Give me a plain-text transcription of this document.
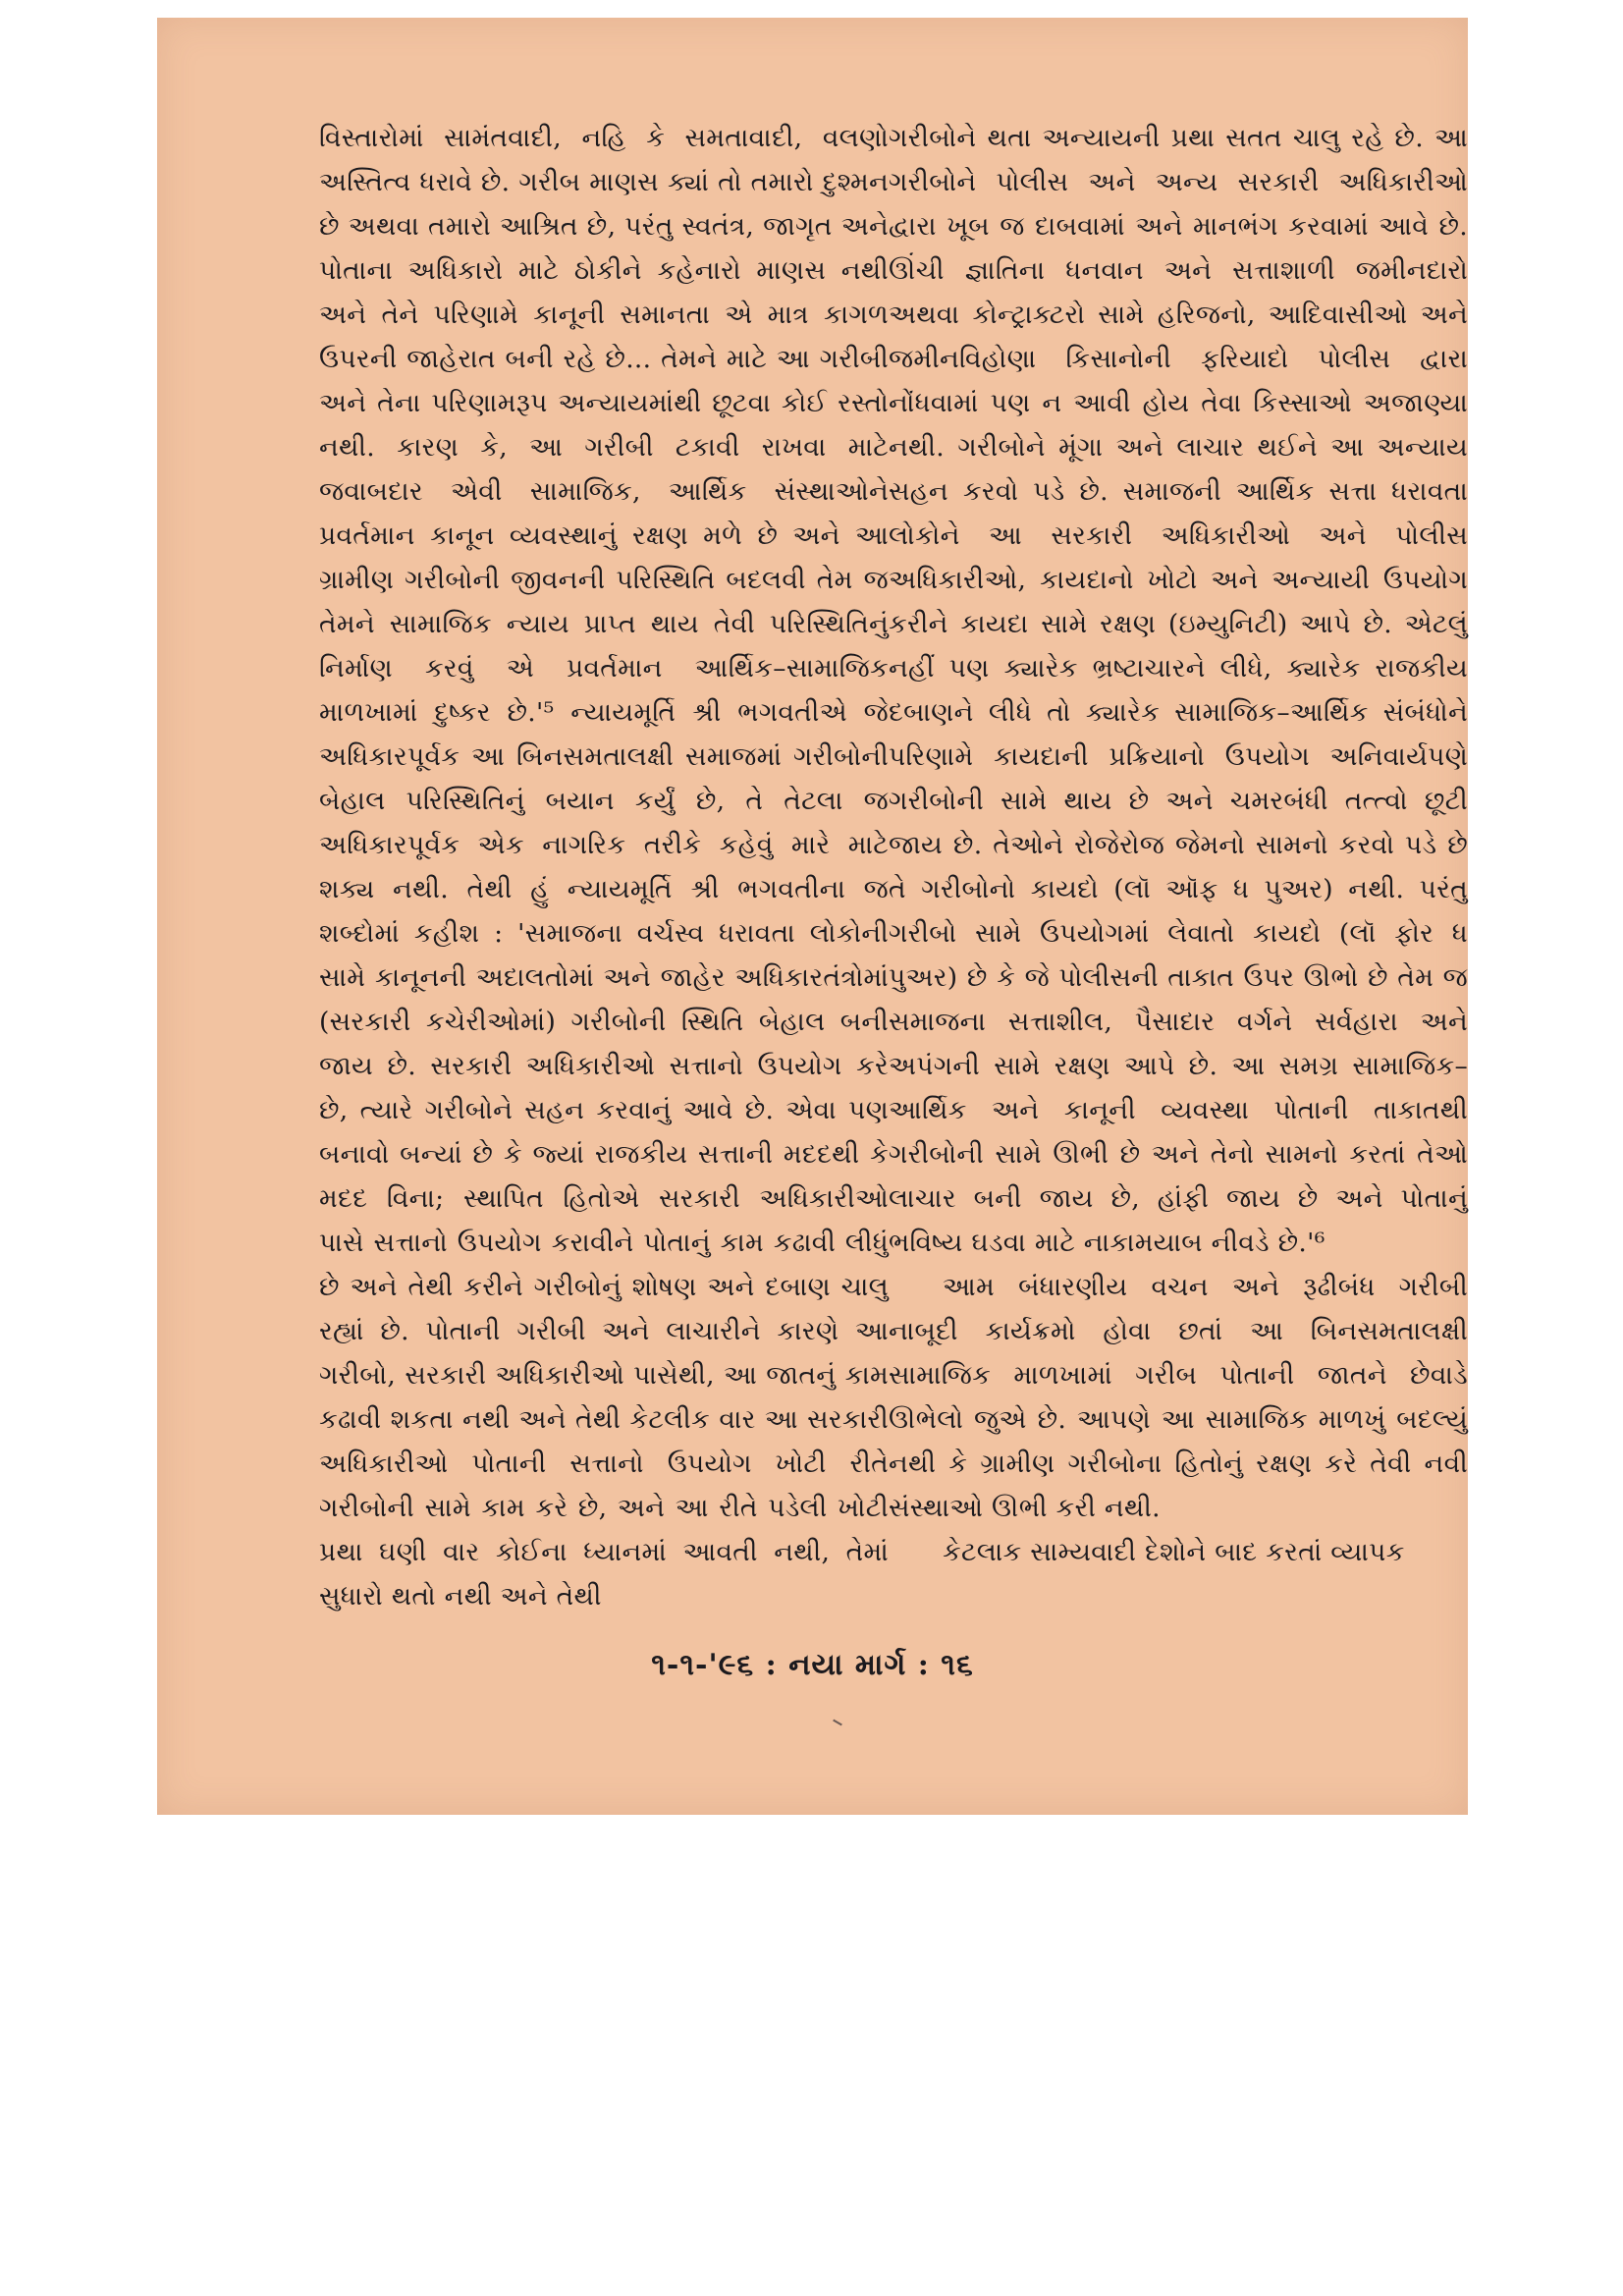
વિસ્તારોમાં સામંતવાદી, નહિ કે સમતાવાદી, વલણો અસ્તિત્વ ધરાવે છે. ગરીબ માણસ ક્યાં તો તમારો દુશ્મન છે અથવા તમારો આશ્રિત છે, પરંતુ સ્વતંત્ર, જાગૃત અને પોતાના અધિકારો માટે ઠોકીને કહેનારો માણસ નથી અને તેને પરિણામે કાનૂની સમાનતા એ માત્ર કાગળ ઉપરની જાહેરાત બની રહે છે... તેમને માટે આ ગરીબી અને તેના પરિણામરૂપ અન્યાયમાંથી છૂટવા કોઈ રસ્તો નથી. કારણ કે, આ ગરીબી ટકાવી રાખવા માટે જવાબદાર એવી સામાજિક, આર્થિક સંસ્થાઓને પ્રવર્તમાન કાનૂન વ્યવસ્થાનું રક્ષણ મળે છે અને આ ગ્રામીણ ગરીબોની જીવનની પરિસ્થિતિ બદલવી તેમ જ તેમને સામાજિક ન્યાય પ્રાપ્ત થાય તેવી પરિસ્થિતિનું નિર્માણ કરવું એ પ્રવર્તમાન આર્થિક–સામાજિક માળખામાં દુષ્કર છે.'⁵ ન્યાયમૂર્તિ શ્રી ભગવતીએ જે અધિકારપૂર્વક આ બિનસમતાલક્ષી સમાજમાં ગરીબોની બેહાલ પરિસ્થિતિનું બયાન કર્યું છે, તે તેટલા જ અધિકારપૂર્વક એક નાગરિક તરીકે કહેવું મારે માટે શક્ય નથી. તેથી હું ન્યાયમૂર્તિ શ્રી ભગવતીના જ શબ્દોમાં કહીશ : 'સમાજના વર્ચસ્વ ધરાવતા લોકોની સામે કાનૂનની અદાલતોમાં અને જાહેર અધિકારતંત્રોમાં (સરકારી કચેરીઓમાં) ગરીબોની સ્થિતિ બેહાલ બની જાય છે. સરકારી અધિકારીઓ સત્તાનો ઉપયોગ કરે છે, ત્યારે ગરીબોને સહન કરવાનું આવે છે. એવા પણ બનાવો બન્યાં છે કે જ્યાં રાજકીય સત્તાની મદદથી કે મદદ વિના; સ્થાપિત હિતોએ સરકારી અધિકારીઓ પાસે સત્તાનો ઉપયોગ કરાવીને પોતાનું કામ કઢાવી લીધું છે અને તેથી કરીને ગરીબોનું શોષણ અને દબાણ ચાલુ રહ્યાં છે. પોતાની ગરીબી અને લાચારીને કારણે આ ગરીબો, સરકારી અધિકારીઓ પાસેથી, આ જાતનું કામ કઢાવી શકતા નથી અને તેથી કેટલીક વાર આ સરકારી અધિકારીઓ પોતાની સત્તાનો ઉપયોગ ખોટી રીતે ગરીબોની સામે કામ કરે છે, અને આ રીતે પડેલી ખોટી પ્રથા ઘણી વાર કોઈના ધ્યાનમાં આવતી નથી, તેમાં સુધારો થતો નથી અને તેથી

ગરીબોને થતા અન્યાયની પ્રથા સતત ચાલુ રહે છે. આ ગરીબોને પોલીસ અને અન્ય સરકારી અધિકારીઓ દ્વારા ખૂબ જ દાબવામાં અને માનભંગ કરવામાં આવે છે. ઊંચી જ્ઞાતિના ધનવાન અને સત્તાશાળી જમીનદારો અથવા કોન્ટ્રાક્ટરો સામે હરિજનો, આદિવાસીઓ અને જમીનવિહોણા કિસાનોની ફરિયાદો પોલીસ દ્વારા નોંધવામાં પણ ન આવી હોય તેવા કિસ્સાઓ અજાણ્યા નથી. ગરીબોને મૂંગા અને લાચાર થઈને આ અન્યાય સહન કરવો પડે છે. સમાજની આર્થિક સત્તા ધરાવતા લોકોને આ સરકારી અધિકારીઓ અને પોલીસ અધિકારીઓ, કાયદાનો ખોટો અને અન્યાયી ઉપયોગ કરીને કાયદા સામે રક્ષણ (ઇમ્યુનિટી) આપે છે. એટલું નહીં પણ ક્યારેક ભ્રષ્ટાચારને લીધે, ક્યારેક રાજકીય દબાણને લીધે તો ક્યારેક સામાજિક–આર્થિક સંબંધોને પરિણામે કાયદાની પ્રક્રિયાનો ઉપયોગ અનિવાર્યપણે ગરીબોની સામે થાય છે અને ચમરબંધી તત્ત્વો છૂટી જાય છે. તેઓને રોજેરોજ જેમનો સામનો કરવો પડે છે તે ગરીબોનો કાયદો (લૉ ઑફ ધ પુઅર) નથી. પરંતુ ગરીબો સામે ઉપયોગમાં લેવાતો કાયદો (લૉ ફોર ધ પુઅર) છે કે જે પોલીસની તાકાત ઉપર ઊભો છે તેમ જ સમાજના સત્તાશીલ, પૈસાદાર વર્ગને સર્વહારા અને અપંગની સામે રક્ષણ આપે છે. આ સમગ્ર સામાજિક–આર્થિક અને કાનૂની વ્યવસ્થા પોતાની તાકાતથી ગરીબોની સામે ઊભી છે અને તેનો સામનો કરતાં તેઓ લાચાર બની જાય છે, હાંફી જાય છે અને પોતાનું ભવિષ્ય ઘડવા માટે નાકામયાબ નીવડે છે.'⁶

આમ બંધારણીય વચન અને રૂઢીબંધ ગરીબી નાબૂદી કાર્યક્રમો હોવા છતાં આ બિનસમતાલક્ષી સામાજિક માળખામાં ગરીબ પોતાની જાતને છેવાડે ઊભેલો જુએ છે. આપણે આ સામાજિક માળખું બદલ્યું નથી કે ગ્રામીણ ગરીબોના હિતોનું રક્ષણ કરે તેવી નવી સંસ્થાઓ ઊભી કરી નથી.

કેટલાક સામ્યવાદી દેશોને બાદ કરતાં વ્યાપક

૧-૧-'૯૬ : નયા માર્ગ : ૧૬
